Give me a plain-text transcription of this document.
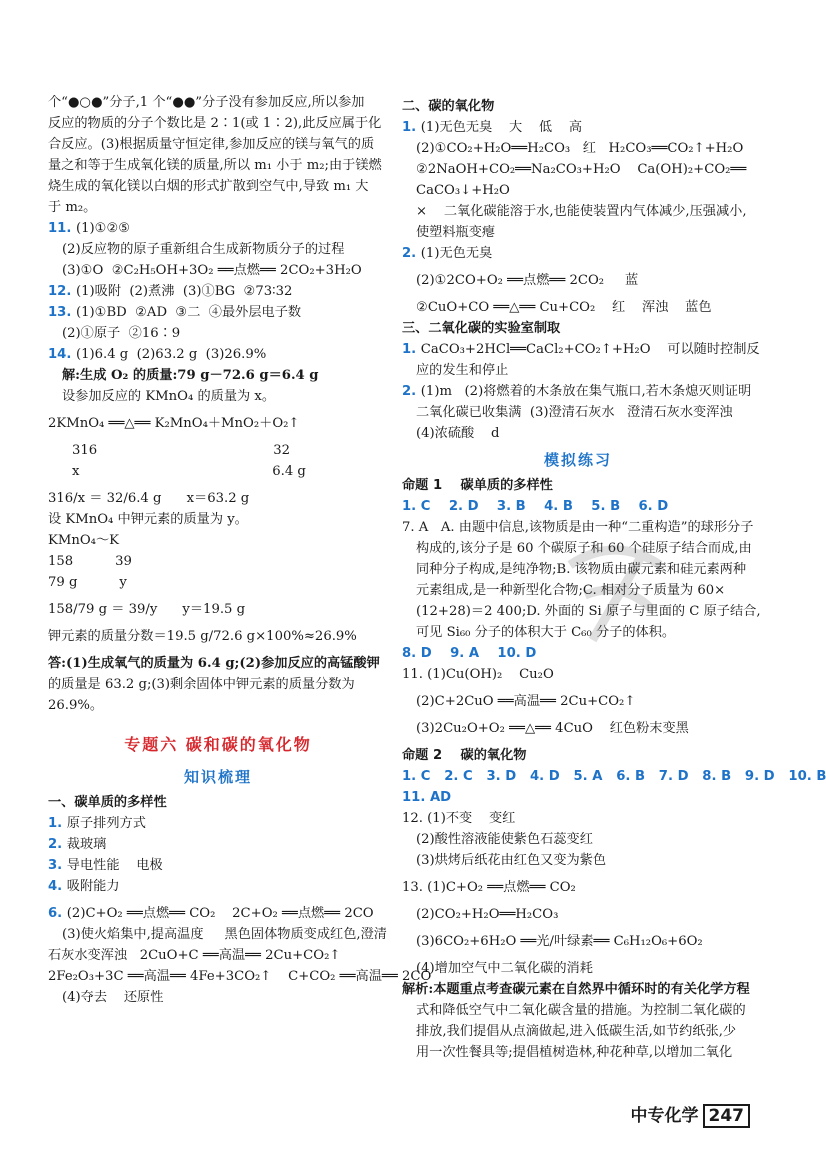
个“●○●”分子,1 个“●●”分子没有参加反应,所以参加
反应的物质的分子个数比是 2∶1(或 1∶2),此反应属于化
合反应。(3)根据质量守恒定律,参加反应的镁与氧气的质
量之和等于生成氧化镁的质量,所以 m₁ 小于 m₂;由于镁燃
烧生成的氧化镁以白烟的形式扩散到空气中,导致 m₁ 大
于 m₂。
11. (1)①②⑤
(2)反应物的原子重新组合生成新物质分子的过程
(3)①O  ②C₂H₅OH+3O₂ ══点燃══ 2CO₂+3H₂O
12. (1)吸附  (2)煮沸  (3)①BG  ②73∶32
13. (1)①BD  ②AD  ③二  ④最外层电子数
(2)①原子  ②16∶9
14. (1)6.4 g  (2)63.2 g  (3)26.9%
解:生成 O₂ 的质量:79 g－72.6 g＝6.4 g
设参加反应的 KMnO₄ 的质量为 x。
2KMnO₄ ══△══ K₂MnO₄＋MnO₂＋O₂↑
316                                          32
x                                              6.4 g
316/x ＝ 32/6.4 g      x＝63.2 g
设 KMnO₄ 中钾元素的质量为 y。
KMnO₄～K
158          39
79 g          y
158/79 g ＝ 39/y      y＝19.5 g
钾元素的质量分数＝19.5 g/72.6 g×100%≈26.9%
答:(1)生成氧气的质量为 6.4 g;(2)参加反应的高锰酸钾
的质量是 63.2 g;(3)剩余固体中钾元素的质量分数为
26.9%。
专题六 碳和碳的氧化物
知识梳理
一、碳单质的多样性
1. 原子排列方式
2. 裁玻璃
3. 导电性能    电极
4. 吸附能力
6. (2)C+O₂ ══点燃══ CO₂    2C+O₂ ══点燃══ 2CO
(3)使火焰集中,提高温度     黑色固体物质变成红色,澄清
石灰水变浑浊   2CuO+C ══高温══ 2Cu+CO₂↑
2Fe₂O₃+3C ══高温══ 4Fe+3CO₂↑    C+CO₂ ══高温══ 2CO
(4)夺去    还原性
二、碳的氧化物
1. (1)无色无臭    大    低    高
(2)①CO₂+H₂O══H₂CO₃   红   H₂CO₃══CO₂↑+H₂O
②2NaOH+CO₂══Na₂CO₃+H₂O    Ca(OH)₂+CO₂══
CaCO₃↓+H₂O
×    二氧化碳能溶于水,也能使装置内气体减少,压强减小,
使塑料瓶变瘪
2. (1)无色无臭
(2)①2CO+O₂ ══点燃══ 2CO₂     蓝
②CuO+CO ══△══ Cu+CO₂    红    浑浊    蓝色
三、二氧化碳的实验室制取
1. CaCO₃+2HCl══CaCl₂+CO₂↑+H₂O    可以随时控制反
应的发生和停止
2. (1)m   (2)将燃着的木条放在集气瓶口,若木条熄灭则证明
二氧化碳已收集满  (3)澄清石灰水   澄清石灰水变浑浊
(4)浓硫酸    d
模拟练习
命题 1    碳单质的多样性
1. C    2. D    3. B    4. B    5. B    6. D
7. A   A. 由题中信息,该物质是由一种“二重构造”的球形分子
构成的,该分子是 60 个碳原子和 60 个硅原子结合而成,由
同种分子构成,是纯净物;B. 该物质由碳元素和硅元素两种
元素组成,是一种新型化合物;C. 相对分子质量为 60×
(12+28)＝2 400;D. 外面的 Si 原子与里面的 C 原子结合,
可见 Si₆₀ 分子的体积大于 C₆₀ 分子的体积。
8. D    9. A    10. D
11. (1)Cu(OH)₂    Cu₂O
(2)C+2CuO ══高温══ 2Cu+CO₂↑
(3)2Cu₂O+O₂ ══△══ 4CuO    红色粉末变黑
命题 2    碳的氧化物
1. C   2. C   3. D   4. D   5. A   6. B   7. D   8. B   9. D   10. B
11. AD
12. (1)不变    变红
(2)酸性溶液能使紫色石蕊变红
(3)烘烤后纸花由红色又变为紫色
13. (1)C+O₂ ══点燃══ CO₂
(2)CO₂+H₂O══H₂CO₃
(3)6CO₂+6H₂O ══光/叶绿素══ C₆H₁₂O₆+6O₂
(4)增加空气中二氧化碳的消耗
解析:本题重点考查碳元素在自然界中循环时的有关化学方程
式和降低空气中二氧化碳含量的措施。为控制二氧化碳的
排放,我们提倡从点滴做起,进入低碳生活,如节约纸张,少
用一次性餐具等;提倡植树造林,种花种草,以增加二氧化
中专化学 247
